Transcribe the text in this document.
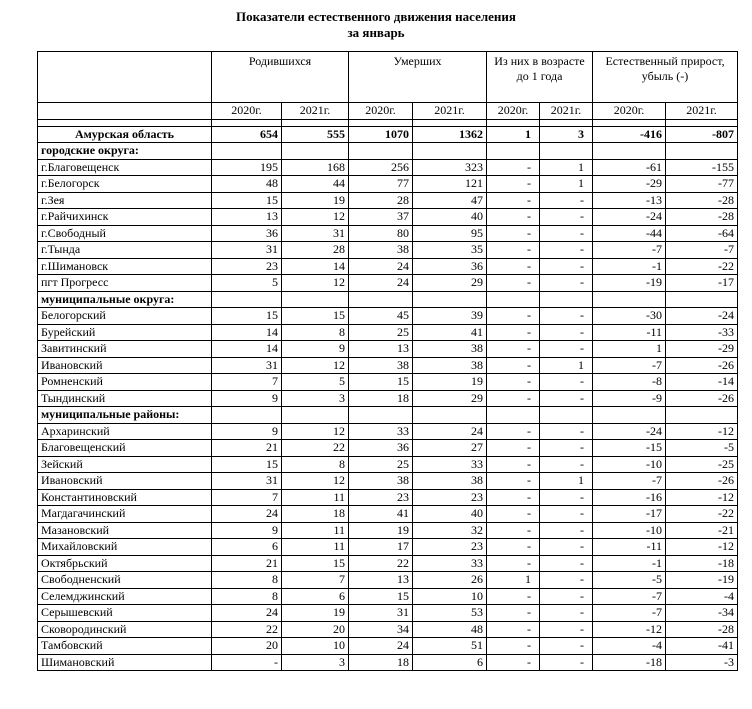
Показатели естественного движения населения
за январь
	Родившихся		Умерших		Из них в возрасте до 1 года		Естественный прирост, убыль (-)	
	2020г.	2021г.	2020г.	2021г.	2020г.	2021г.	2020г.	2021г.

Амурская область	654	555	1070	1362	1	3	-416	-807
городские округа:								
г.Благовещенск	195	168	256	323	-	1	-61	-155
г.Белогорск	48	44	77	121	-	1	-29	-77
г.Зея	15	19	28	47	-	-	-13	-28
г.Райчихинск	13	12	37	40	-	-	-24	-28
г.Свободный	36	31	80	95	-	-	-44	-64
г.Тында	31	28	38	35	-	-	-7	-7
г.Шимановск	23	14	24	36	-	-	-1	-22
пгт Прогресс	5	12	24	29	-	-	-19	-17
муниципальные округа:								
Белогорский	15	15	45	39	-	-	-30	-24
Бурейский	14	8	25	41	-	-	-11	-33
Завитинский	14	9	13	38	-	-	1	-29
Ивановский	31	12	38	38	-	1	-7	-26
Ромненский	7	5	15	19	-	-	-8	-14
Тындинский	9	3	18	29	-	-	-9	-26
муниципальные районы:								
Архаринский	9	12	33	24	-	-	-24	-12
Благовещенский	21	22	36	27	-	-	-15	-5
Зейский	15	8	25	33	-	-	-10	-25
Ивановский	31	12	38	38	-	1	-7	-26
Константиновский	7	11	23	23	-	-	-16	-12
Магдагачинский	24	18	41	40	-	-	-17	-22
Мазановский	9	11	19	32	-	-	-10	-21
Михайловский	6	11	17	23	-	-	-11	-12
Октябрьский	21	15	22	33	-	-	-1	-18
Свободненский	8	7	13	26	1	-	-5	-19
Селемджинский	8	6	15	10	-	-	-7	-4
Серышевский	24	19	31	53	-	-	-7	-34
Сковородинский	22	20	34	48	-	-	-12	-28
Тамбовский	20	10	24	51	-	-	-4	-41
Шимановский	-	3	18	6	-	-	-18	-3
